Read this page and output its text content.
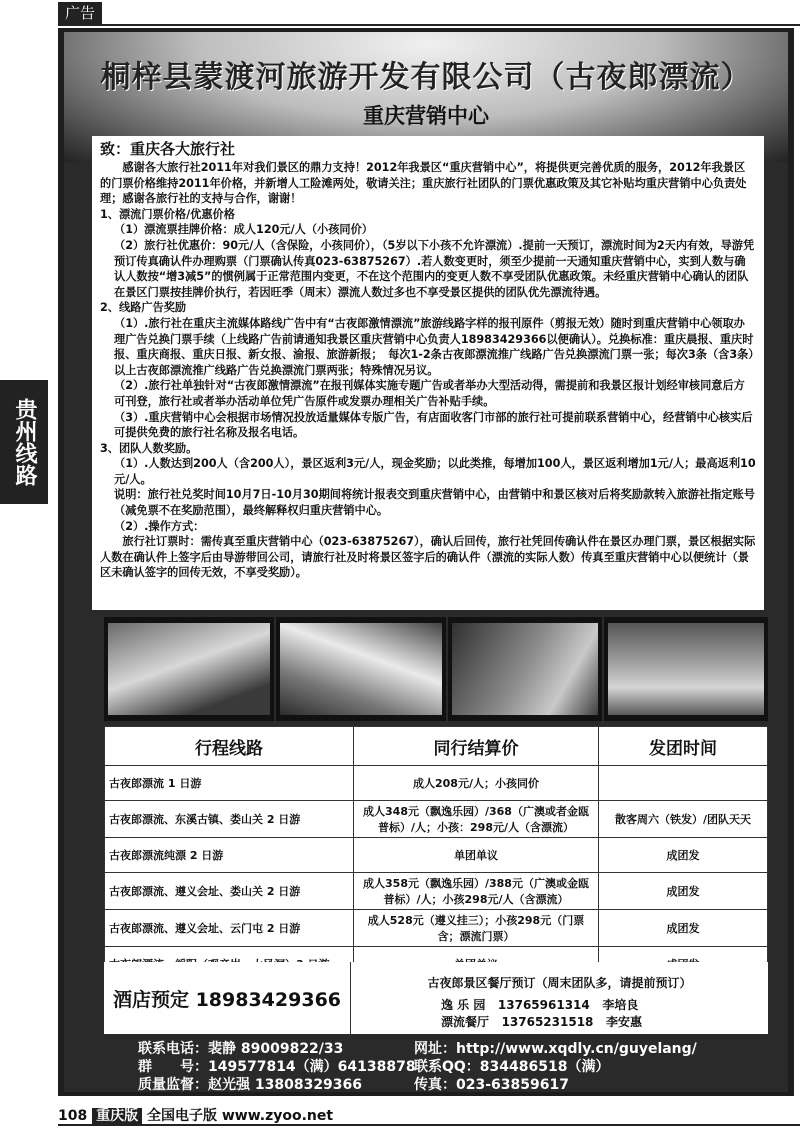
广告
桐梓县蒙渡河旅游开发有限公司（古夜郎漂流）
重庆营销中心

致：重庆各大旅行社

感谢各大旅行社2011年对我们景区的鼎力支持！2012年我景区“重庆营销中心”，将提供更完善优质的服务，2012年我景区的门票价格维持2011年价格，并新增人工险滩两处，敬请关注；重庆旅行社团队的门票优惠政策及其它补贴均重庆营销中心负责处理；感谢各旅行社的支持与合作，谢谢！

1、漂流门票价格/优惠价格

（1）漂流票挂牌价格：成人120元/人（小孩同价）

（2）旅行社优惠价：90元/人（含保险，小孩同价），（5岁以下小孩不允许漂流）.提前一天预订，漂流时间为2天内有效，导游凭预订传真确认件办理购票（门票确认传真023-63875267）.若人数变更时，须至少提前一天通知重庆营销中心，实到人数与确认人数按“增3减5”的惯例属于正常范围内变更，不在这个范围内的变更人数不享受团队优惠政策。未经重庆营销中心确认的团队在景区门票按挂牌价执行，若因旺季（周末）漂流人数过多也不享受景区提供的团队优先漂流待遇。

2、线路广告奖励

（1）.旅行社在重庆主流媒体路线广告中有“古夜郎激情漂流”旅游线路字样的报刊原件（剪报无效）随时到重庆营销中心领取办理广告兑换门票手续（上线路广告前请通知我景区重庆营销中心负责人18983429366以便确认）。兑换标准：重庆晨报、重庆时报、重庆商报、重庆日报、新女报、渝报、旅游新报；　每次1-2条古夜郎漂流推广线路广告兑换漂流门票一张；每次3条（含3条）以上古夜郎漂流推广线路广告兑换漂流门票两张；特殊情况另议。

（2）.旅行社单独针对“古夜郎激情漂流”在报刊媒体实施专题广告或者举办大型活动得，需提前和我景区报计划经审核同意后方可刊登，旅行社或者举办活动单位凭广告原件或发票办理相关广告补贴手续。

（3）.重庆营销中心会根据市场情况投放适量媒体专版广告，有店面收客门市部的旅行社可提前联系营销中心，经营销中心核实后可提供免费的旅行社名称及报名电话。

3、团队人数奖励。

（1）.人数达到200人（含200人），景区返利3元/人，现金奖励；以此类推，每增加100人，景区返利增加1元/人；最高返利10元/人。

说明：旅行社兑奖时间10月7日-10月30期间将统计报表交到重庆营销中心，由营销中和景区核对后将奖励款转入旅游社指定账号（减免票不在奖励范围），最终解释权归重庆营销中心。

（2）.操作方式：

旅行社订票时：需传真至重庆营销中心（023-63875267），确认后回传，旅行社凭回传确认件在景区办理门票，景区根据实际人数在确认件上签字后由导游带回公司，请旅行社及时将景区签字后的确认件（漂流的实际人数）传真至重庆营销中心以便统计（景区未确认签字的回传无效，不享受奖励）。

行程线路	同行结算价	发团时间
古夜郎漂流 1 日游	成人208元/人；小孩同价	
古夜郎漂流、东溪古镇、娄山关 2 日游	成人348元（飘逸乐园）/368（广澳或者金瓯普标）/人；小孩：298元/人（含漂流）	散客周六（铁发）/团队天天
古夜郎漂流纯漂 2 日游	单团单议	成团发
古夜郎漂流、遵义会址、娄山关 2 日游	成人358元（飘逸乐园）/388元（广澳或金瓯普标）/人；小孩298元/人（含漂流）	成团发
古夜郎漂流、遵义会址、云门屯 2 日游	成人528元（遵义挂三）；小孩298元（门票含；漂流门票）	成团发

酒店预定 18983429366
古夜郎景区餐厅预订（周末团队多，请提前预订）
逸 乐 园 13765961314 李培良
漂流餐厅 13765231518 李安惠
联系电话：裴静 89009822/33	网址：http://www.xqdly.cn/guyelang/
群　　号：149577814（满）64138878
联系QQ：834486518（满）
质量监督：赵光强 13808329366	传真：023-63859617
贵州线路
108 重庆版 全国电子版 www.zyoo.net
